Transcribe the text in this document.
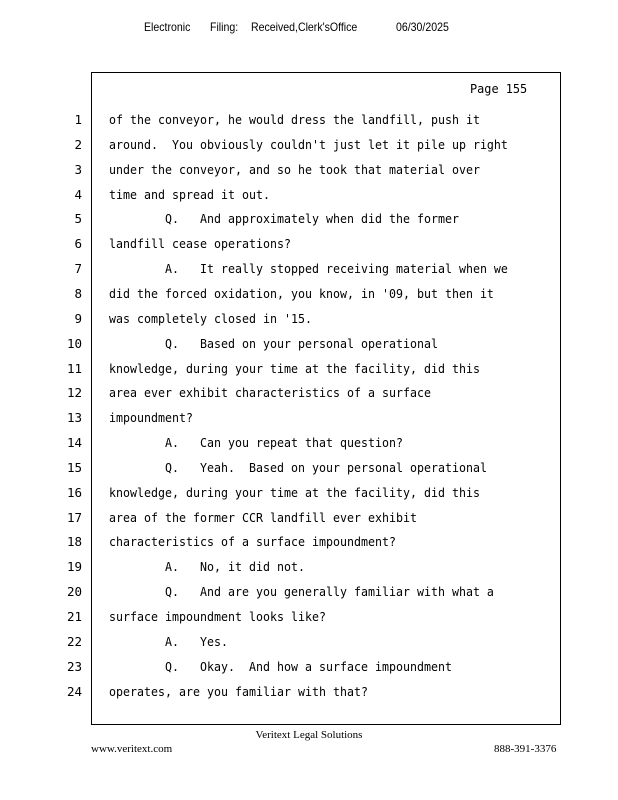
Electronic Filing: Received,Clerk'sOffice	06/30/2025
Page 155
1 of the conveyor, he would dress the landfill, push it
2 around.  You obviously couldn't just let it pile up right
3 under the conveyor, and so he took that material over
4 time and spread it out.
5 Q.   And approximately when did the former
6 landfill cease operations?
7 A.   It really stopped receiving material when we
8 did the forced oxidation, you know, in '09, but then it
9 was completely closed in '15.
10 Q.   Based on your personal operational
11 knowledge, during your time at the facility, did this
12 area ever exhibit characteristics of a surface
13 impoundment?
14 A.   Can you repeat that question?
15 Q.   Yeah.  Based on your personal operational
16 knowledge, during your time at the facility, did this
17 area of the former CCR landfill ever exhibit
18 characteristics of a surface impoundment?
19 A.   No, it did not.
20 Q.   And are you generally familiar with what a
21 surface impoundment looks like?
22 A.   Yes.
23 Q.   Okay.  And how a surface impoundment
24 operates, are you familiar with that?
Veritext Legal Solutions
www.veritext.com	888-391-3376
